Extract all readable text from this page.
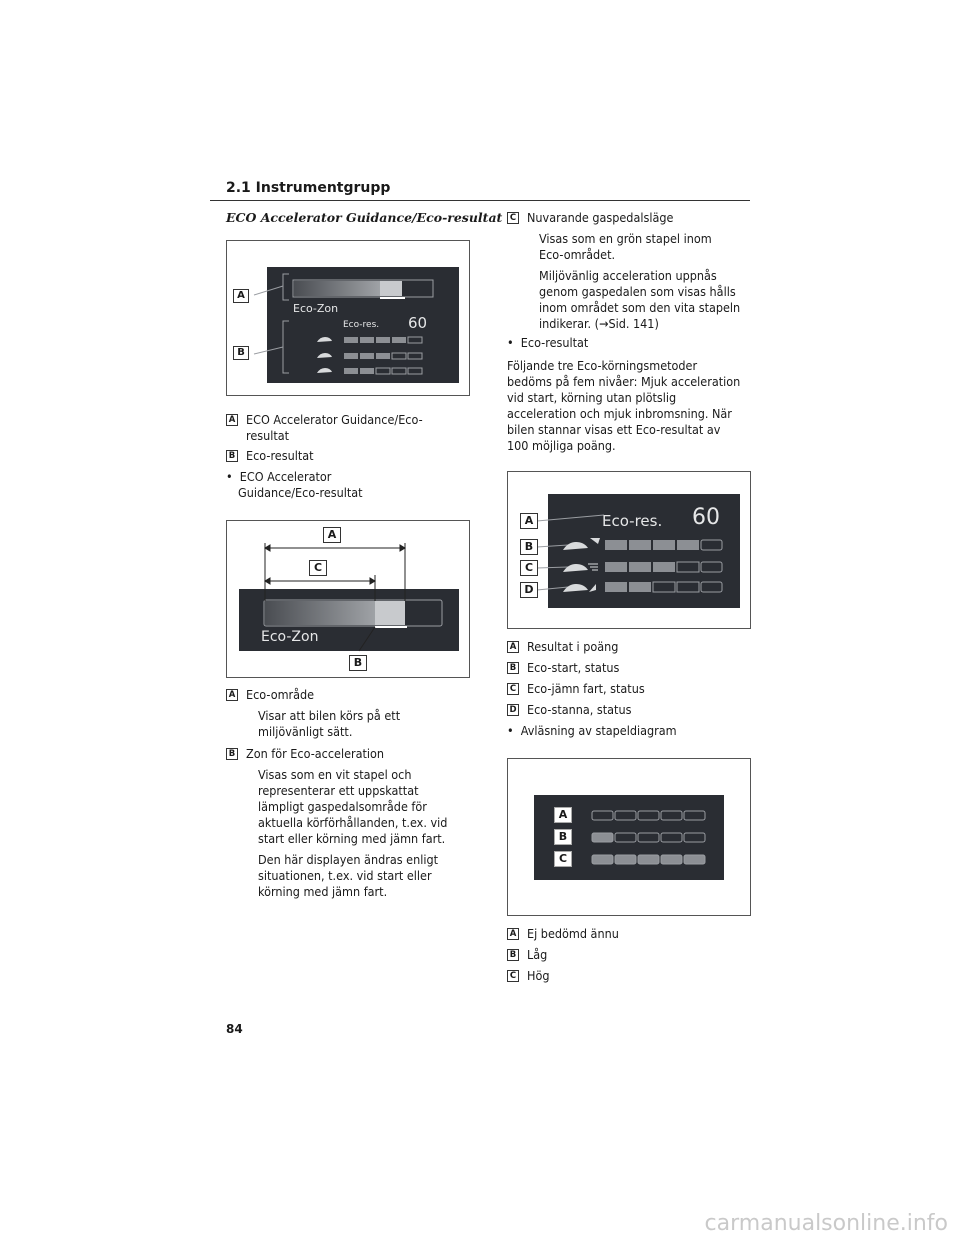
2.1 Instrumentgrupp
ECO Accelerator Guidance/Eco-resultat
A
B
Eco-Zon
Eco-res. 60
A ECO Accelerator Guidance/Eco-
resultat
B Eco-resultat
•  ECO Accelerator
Guidance/Eco-resultat
A
C
B
Eco-Zon
A Eco-område
Visar att bilen körs på ett
miljövänligt sätt.
B Zon för Eco-acceleration
Visas som en vit stapel och
representerar ett uppskattat
lämpligt gaspedalsområde för
aktuella körförhållanden, t.ex. vid
start eller körning med jämn fart.
Den här displayen ändras enligt
situationen, t.ex. vid start eller
körning med jämn fart.
C Nuvarande gaspedalsläge
Visas som en grön stapel inom
Eco-området.
Miljövänlig acceleration uppnås
genom gaspedalen som visas hålls
inom området som den vita stapeln
indikerar. (→Sid. 141)
•  Eco-resultat
Följande tre Eco-körningsmetoder
bedöms på fem nivåer: Mjuk acceleration
vid start, körning utan plötslig
acceleration och mjuk inbromsning. När
bilen stannar visas ett Eco-resultat av
100 möjliga poäng.
A
B
C
D
Eco-res. 60
A Resultat i poäng
B Eco-start, status
C Eco-jämn fart, status
D Eco-stanna, status
•  Avläsning av stapeldiagram
A
B
C
A Ej bedömd ännu
B Låg
C Hög
84
carmanualsonline.info
